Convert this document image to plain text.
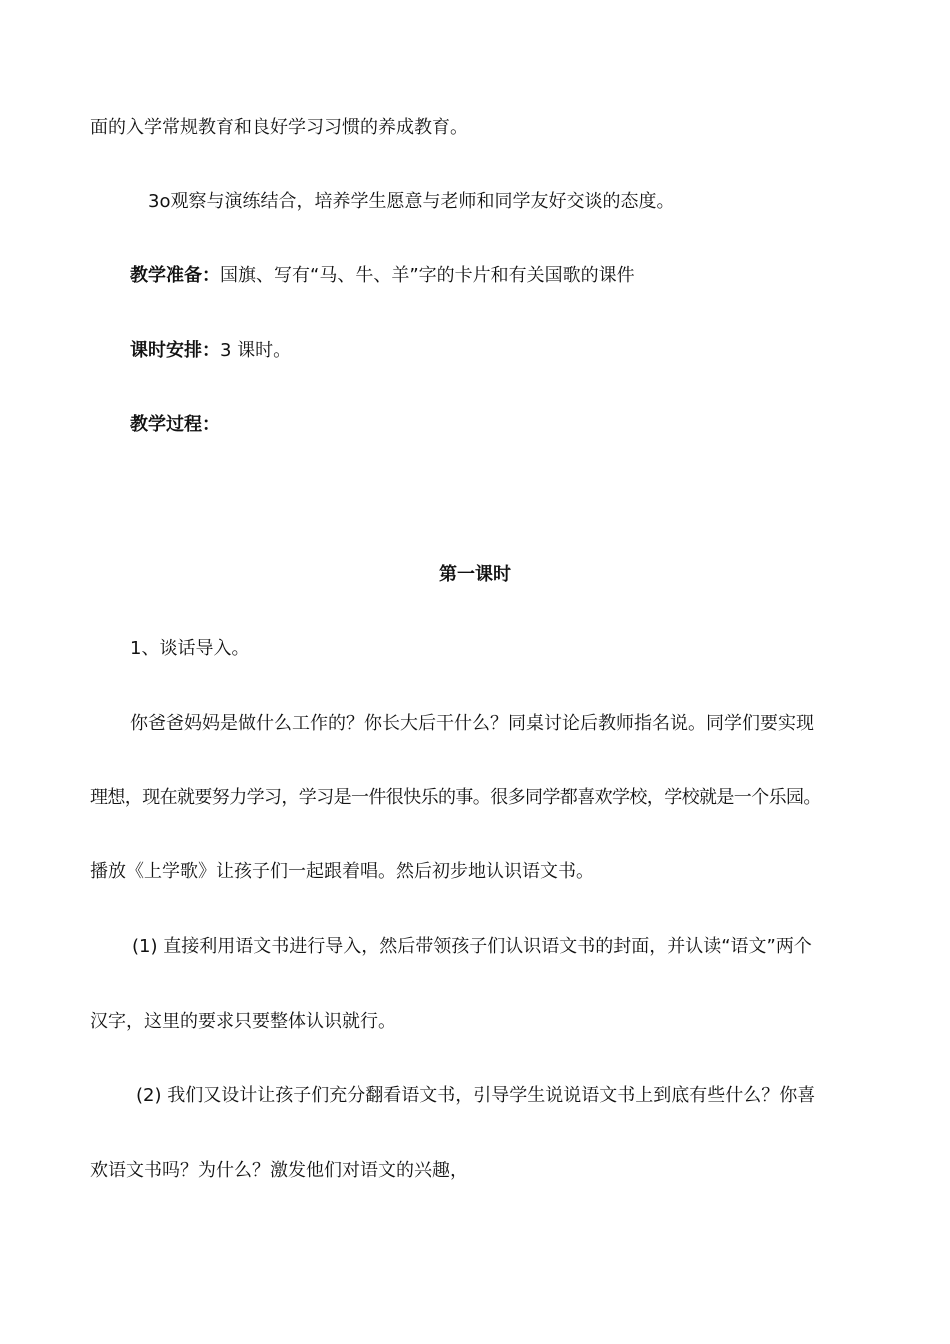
面的入学常规教育和良好学习习惯的养成教育。
3o观察与演练结合，培养学生愿意与老师和同学友好交谈的态度。
教学准备：国旗、写有“马、牛、羊”字的卡片和有关国歌的课件
课时安排：3 课时。
教学过程：
第一课时
1、谈话导入。
你爸爸妈妈是做什么工作的？你长大后干什么？同桌讨论后教师指名说。同学们要实现
理想，现在就要努力学习，学习是一件很快乐的事。很多同学都喜欢学校，学校就是一个乐园。
播放《上学歌》让孩子们一起跟着唱。然后初步地认识语文书。
(1) 直接利用语文书进行导入，然后带领孩子们认识语文书的封面，并认读“语文”两个
汉字，这里的要求只要整体认识就行。
(2) 我们又设计让孩子们充分翻看语文书，引导学生说说语文书上到底有些什么？你喜
欢语文书吗？为什么？激发他们对语文的兴趣，
